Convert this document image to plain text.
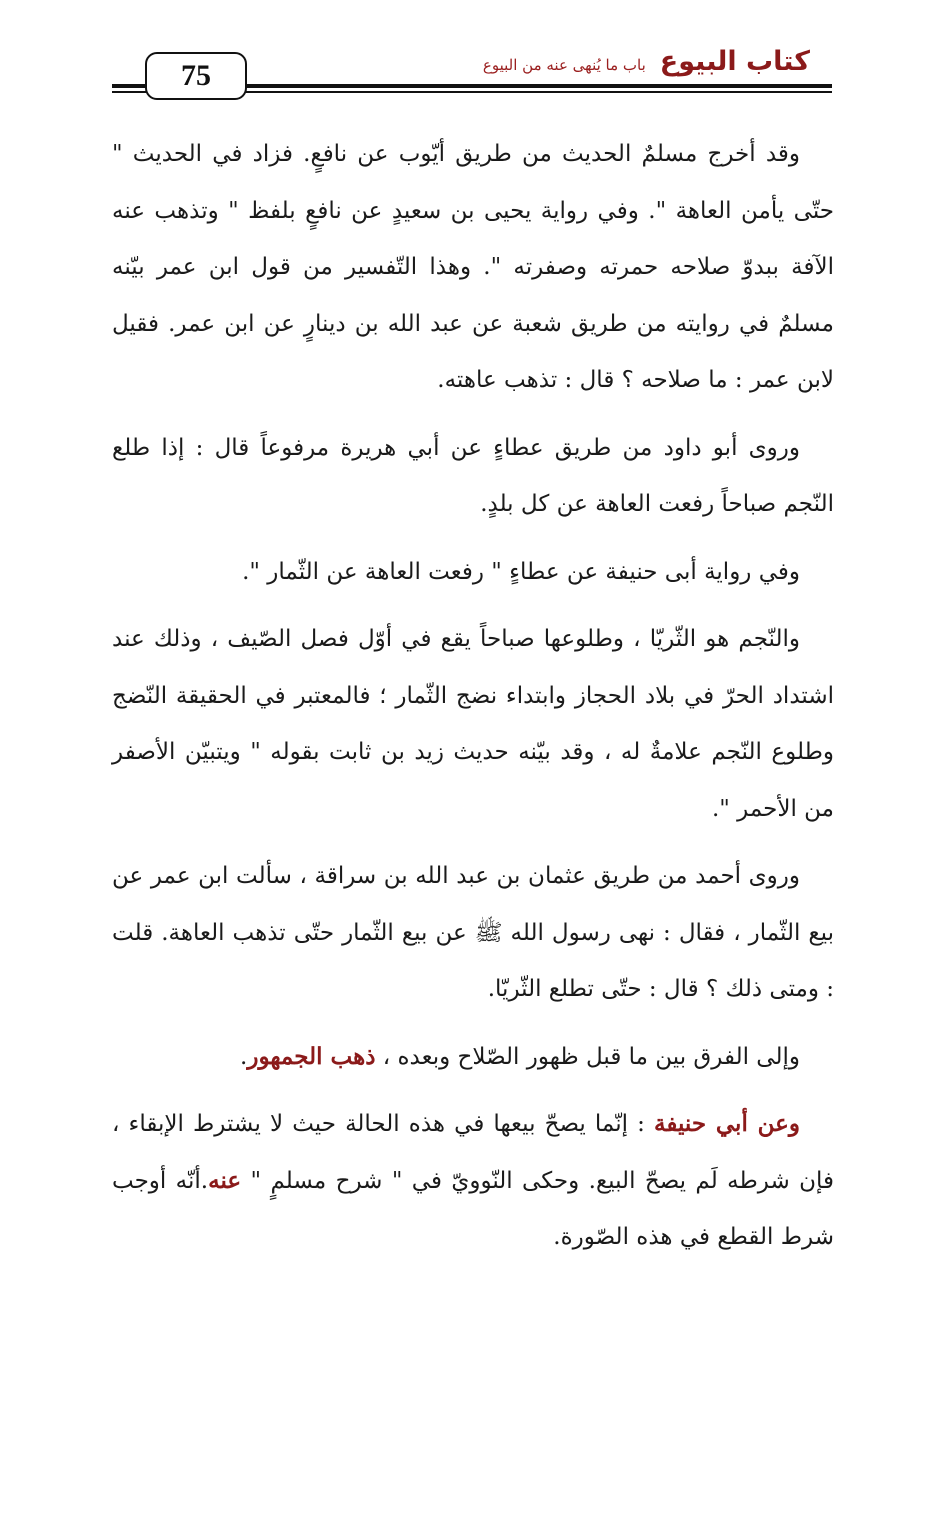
75	كتاب البيوع
باب ما يُنهى عنه من البيوع

وقد أخرج مسلمٌ الحديث من طريق أيّوب عن نافعٍ. فزاد في الحديث " حتّى يأمن العاهة ". وفي رواية يحيى بن سعيدٍ عن نافعٍ بلفظ " وتذهب عنه الآفة ببدوّ صلاحه حمرته وصفرته ". وهذا التّفسير من قول ابن عمر بيّنه مسلمٌ في روايته من طريق شعبة عن عبد الله بن دينارٍ عن ابن عمر. فقيل لابن عمر : ما صلاحه ؟ قال : تذهب عاهته.

وروى أبو داود من طريق عطاءٍ عن أبي هريرة مرفوعاً قال : إذا طلع النّجم صباحاً رفعت العاهة عن كل بلدٍ.

وفي رواية أبى حنيفة عن عطاءٍ " رفعت العاهة عن الثّمار ".

والنّجم هو الثّريّا ، وطلوعها صباحاً يقع في أوّل فصل الصّيف ، وذلك عند اشتداد الحرّ في بلاد الحجاز وابتداء نضج الثّمار ؛ فالمعتبر في الحقيقة النّضج وطلوع النّجم علامةٌ له ، وقد بيّنه حديث زيد بن ثابت بقوله " ويتبيّن الأصفر من الأحمر ".

وروى أحمد من طريق عثمان بن عبد الله بن سراقة ، سألت ابن عمر عن بيع الثّمار ، فقال : نهى رسول الله ﷺ عن بيع الثّمار حتّى تذهب العاهة. قلت : ومتى ذلك ؟ قال : حتّى تطلع الثّريّا.

وإلى الفرق بين ما قبل ظهور الصّلاح وبعده ، ذهب الجمهور.

وعن أبي حنيفة : إنّما يصحّ بيعها في هذه الحالة حيث لا يشترط الإبقاء ، فإن شرطه لَم يصحّ البيع. وحكى النّوويّ في " شرح مسلمٍ " عنه.أنّه أوجب شرط القطع في هذه الصّورة.
